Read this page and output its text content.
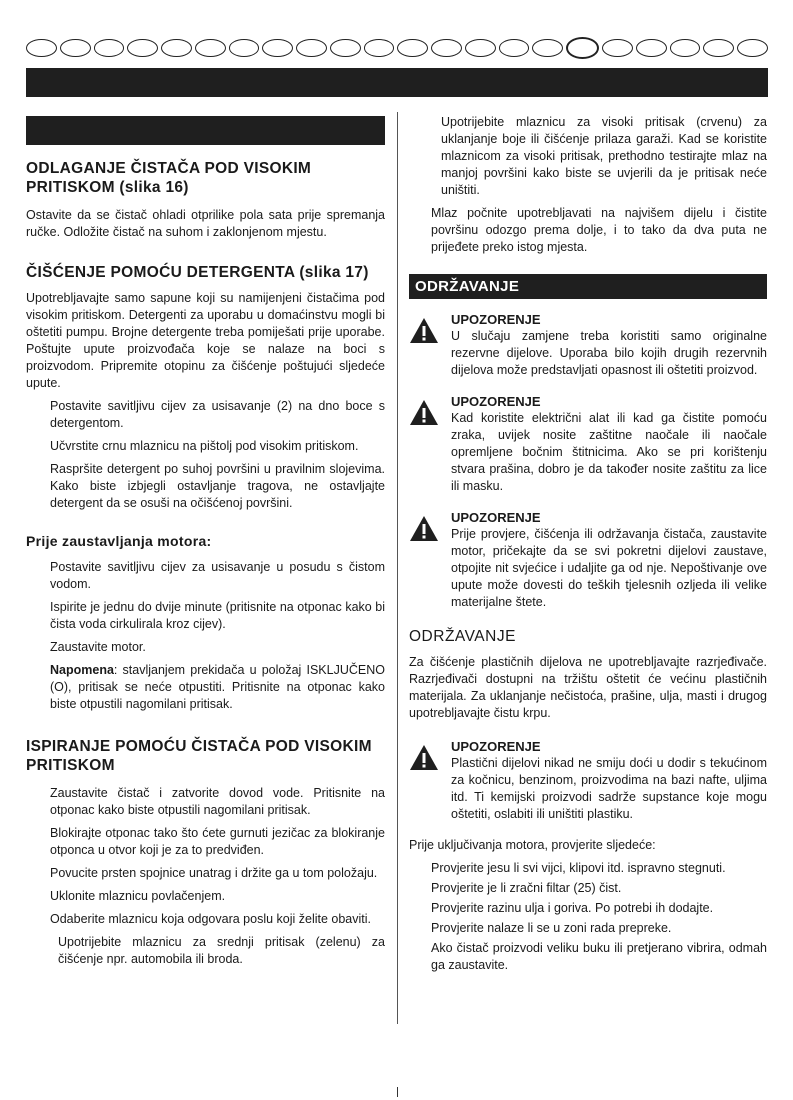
ODLAGANJE ČISTAČA POD VISOKIM PRITISKOM (slika 16)

Ostavite da se čistač ohladi otprilike pola sata prije spremanja ručke. Odložite čistač na suhom i zaklonjenom mjestu.

ČIŠĆENJE POMOĆU DETERGENTA (slika 17)

Upotrebljavajte samo sapune koji su namijenjeni čistačima pod visokim pritiskom. Detergenti za uporabu u domaćinstvu mogli bi oštetiti pumpu. Brojne detergente treba pomiješati prije uporabe. Poštujte upute proizvođača koje se nalaze na boci s proizvodom. Pripremite otopinu za čišćenje poštujući sljedeće upute.

Postavite savitljivu cijev za usisavanje (2) na dno boce s detergentom.

Učvrstite crnu mlaznicu na pištolj pod visokim pritiskom.

Raspršite detergent po suhoj površini u pravilnim slojevima. Kako biste izbjegli ostavljanje tragova, ne ostavljajte detergent da se osuši na očišćenoj površini.

Prije zaustavljanja motora:

Postavite savitljivu cijev za usisavanje u posudu s čistom vodom.

Ispirite je jednu do dvije minute (pritisnite na otponac kako bi čista voda cirkulirala kroz cijev).

Zaustavite motor.

Napomena: stavljanjem prekidača u položaj ISKLJUČENO (O), pritisak se neće otpustiti. Pritisnite na otponac kako biste otpustili nagomilani pritisak.

ISPIRANJE POMOĆU ČISTAČA POD VISOKIM PRITISKOM

Zaustavite čistač i zatvorite dovod vode. Pritisnite na otponac kako biste otpustili nagomilani pritisak.

Blokirajte otponac tako što ćete gurnuti jezičac za blokiranje otponca u otvor koji je za to predviđen.

Povucite prsten spojnice unatrag i držite ga u tom položaju.

Uklonite mlaznicu povlačenjem.

Odaberite mlaznicu koja odgovara poslu koji želite obaviti.

Upotrijebite mlaznicu za srednji pritisak (zelenu) za čišćenje npr. automobila ili broda.

Upotrijebite mlaznicu za visoki pritisak (crvenu) za uklanjanje boje ili čišćenje prilaza garaži. Kad se koristite mlaznicom za visoki pritisak, prethodno testirajte mlaz na manjoj površini kako biste se uvjerili da je pritisak neće uništiti.

Mlaz počnite upotrebljavati na najvišem dijelu i čistite površinu odozgo prema dolje, i to tako da dva puta ne prijeđete preko istog mjesta.

ODRŽAVANJE

UPOZORENJE

U slučaju zamjene treba koristiti samo originalne rezervne dijelove. Uporaba bilo kojih drugih rezervnih dijelova može predstavljati opasnost ili oštetiti proizvod.

UPOZORENJE

Kad koristite električni alat ili kad ga čistite pomoću zraka, uvijek nosite zaštitne naočale ili naočale opremljene bočnim štitnicima. Ako se pri korištenju stvara prašina, dobro je da također nosite zaštitu za lice ili masku.

UPOZORENJE

Prije provjere, čišćenja ili održavanja čistača, zaustavite motor, pričekajte da se svi pokretni dijelovi zaustave, otpojite nit svjećice i udaljite ga od nje. Nepoštivanje ove upute može dovesti do teških tjelesnih ozljeda ili velike materijalne štete.

ODRŽAVANJE

Za čišćenje plastičnih dijelova ne upotrebljavajte razrjeđivače. Razrjeđivači dostupni na tržištu oštetit će većinu plastičnih materijala. Za uklanjanje nečistoća, prašine, ulja, masti i drugog upotrebljavajte čistu krpu.

UPOZORENJE

Plastični dijelovi nikad ne smiju doći u dodir s tekućinom za kočnicu, benzinom, proizvodima na bazi nafte, uljima itd. Ti kemijski proizvodi sadrže supstance koje mogu oštetiti, oslabiti ili uništiti plastiku.

Prije uključivanja motora, provjerite sljedeće:

Provjerite jesu li svi vijci, klipovi itd. ispravno stegnuti.

Provjerite je li zračni filtar (25) čist.

Provjerite razinu ulja i goriva. Po potrebi ih dodajte.

Provjerite nalaze li se u zoni rada prepreke.

Ako čistač proizvodi veliku buku ili pretjerano vibrira, odmah ga zaustavite.
